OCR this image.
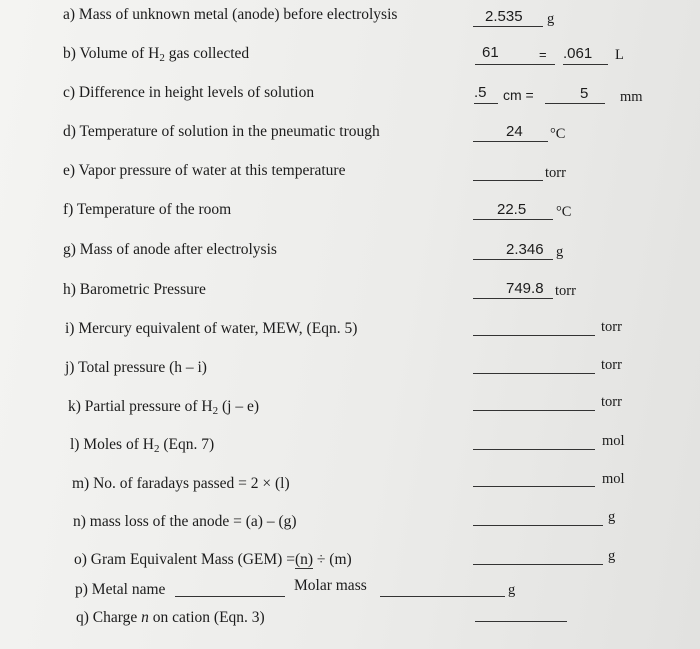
a) Mass of unknown metal (anode) before electrolysis	2.535 g
b) Volume of $H_2$ gas collected	61	= .061 L
c) Difference in height levels of solution	.5 cm =	5 mm
d) Temperature of solution in the pneumatic trough	24 °C
e) Vapor pressure of water at this temperature	torr
f) Temperature of the room	22.5 °C
g) Mass of anode after electrolysis	2.346 g
h) Barometric Pressure	749.8 torr
i) Mercury equivalent of water, MEW, (Eqn. 5)	torr
j) Total pressure (h – i)	torr
k) Partial pressure of $H_2$ (j – e)	torr
l) Moles of $H_2$ (Eqn. 7)	mol
m) No. of faradays passed = 2 × (l)	mol
n) mass loss of the anode = (a) – (g)	g
o) Gram Equivalent Mass (GEM) =(n) ÷ (m)	g
p) Metal name	Molar mass	g
q) Charge n on cation (Eqn. 3)
